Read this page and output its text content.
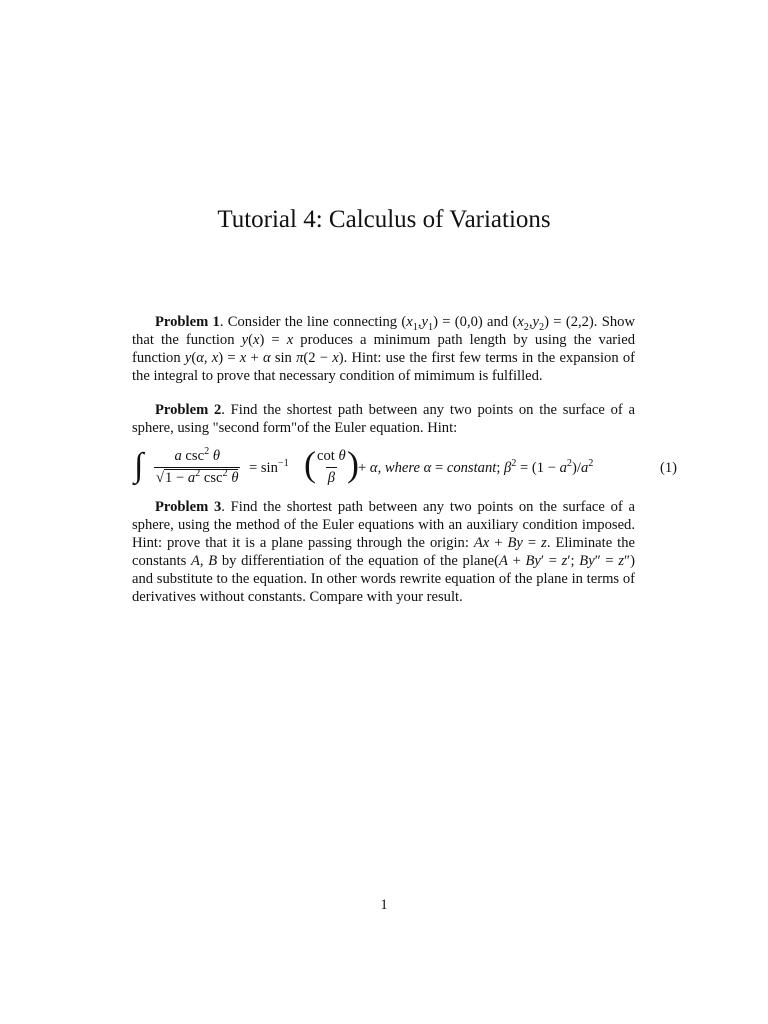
Tutorial 4: Calculus of Variations
Problem 1. Consider the line connecting $(x_1,y_1) = (0,0)$ and $(x_2,y_2) = (2,2)$. Show that the function y(x) = x produces a minimum path length by using the varied function y(α, x) = x + α sin π(2 − x). Hint: use the first few terms in the expansion of the integral to prove that necessary condition of mimimum is fulfilled.
Problem 2. Find the shortest path between any two points on the surface of a sphere, using "second form"of the Euler equation. Hint:
∫ a $\csc^2 \theta$
$√1 - a^2$ $\csc^2 \theta$
= $\sin^{-1}$ ( $\frac{\text{cot θ}}{\beta}$ ) + α, where α = constant; $\beta^2 = (1 - a^2)/a^2$	(1)
Problem 3. Find the shortest path between any two points on the surface of a sphere, using the method of the Euler equations with an auxiliary condition imposed. Hint: prove that it is a plane passing through the origin: Ax + By = z. Eliminate the constants A, B by differentiation of the equation of the plane(A + By′ = z′; By″ = z″) and substitute to the equation. In other words rewrite equation of the plane in terms of derivatives without constants. Compare with your result.
1
